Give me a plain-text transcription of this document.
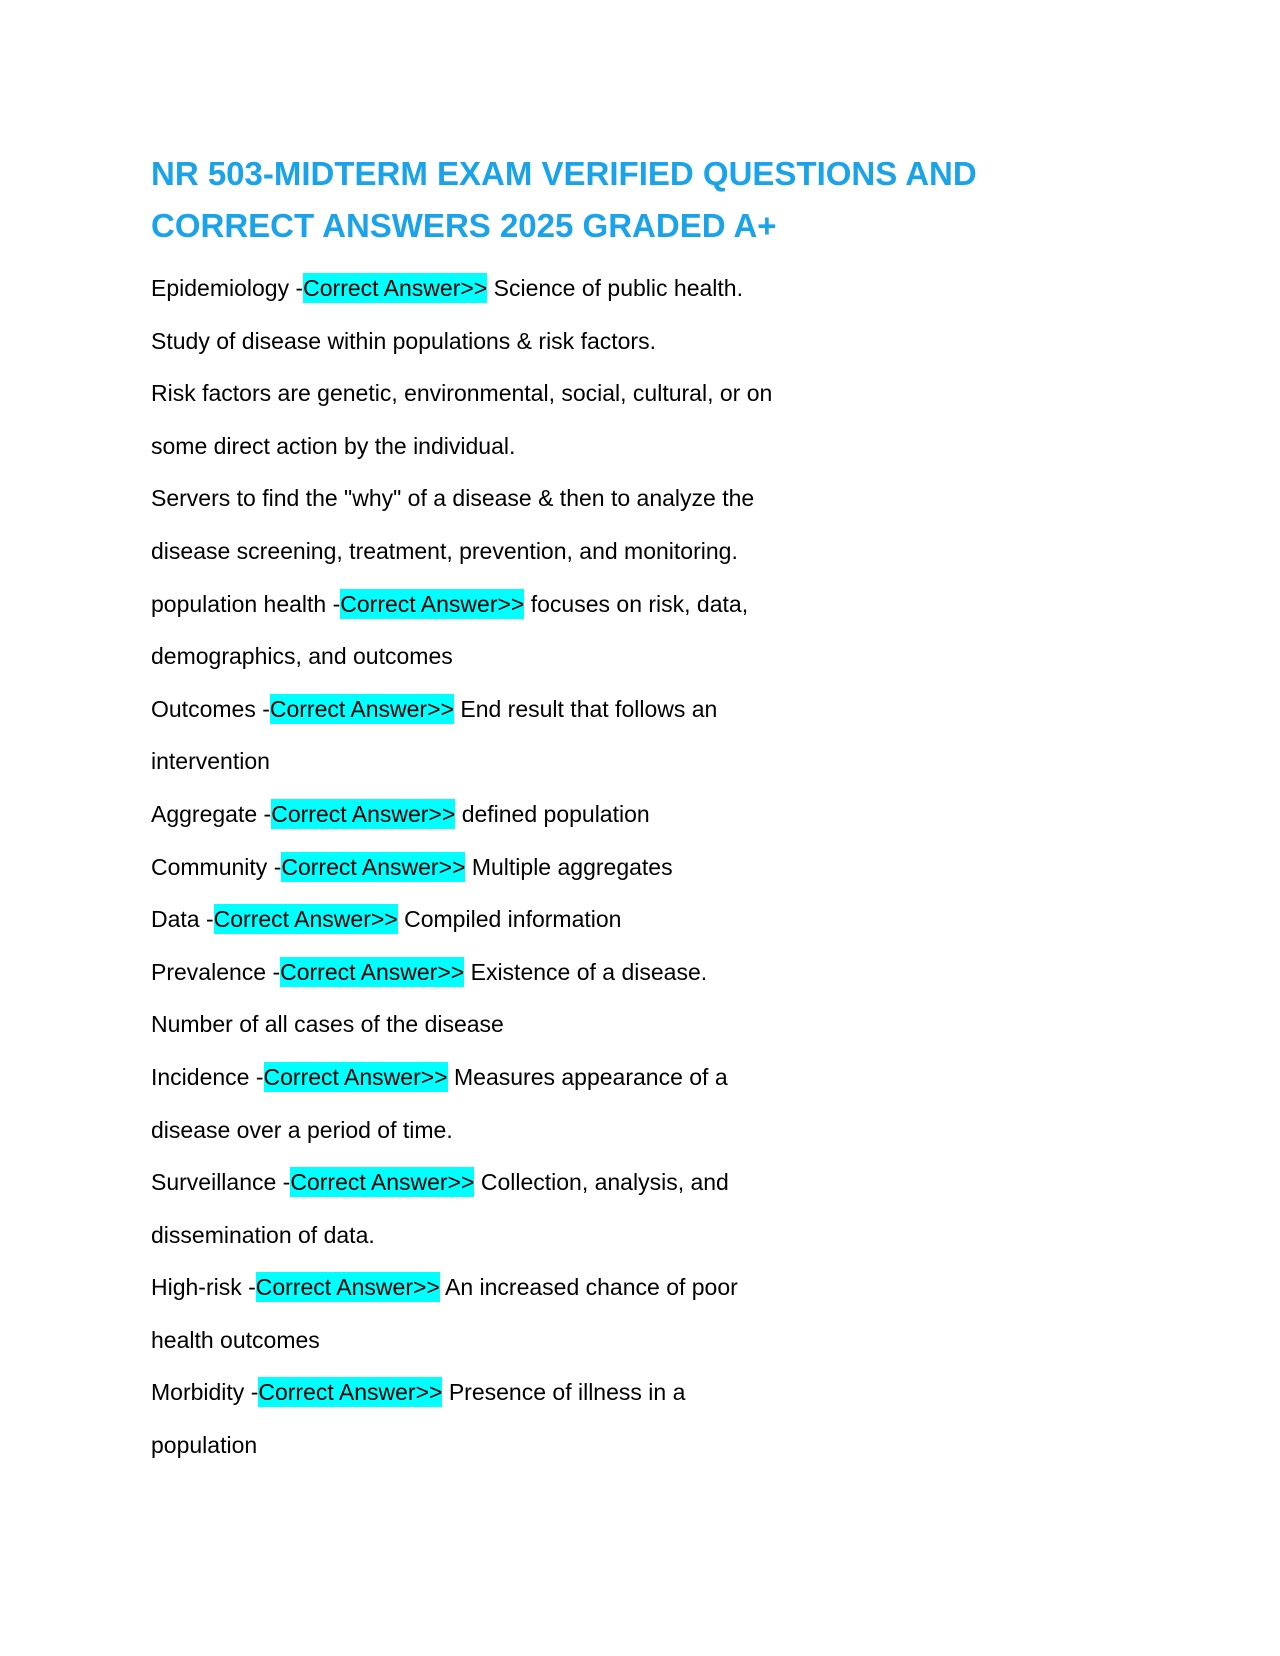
NR 503-MIDTERM EXAM VERIFIED QUESTIONS AND
CORRECT ANSWERS 2025 GRADED A+

Epidemiology -Correct Answer>> Science of public health.

Study of disease within populations & risk factors.

Risk factors are genetic, environmental, social, cultural, or on

some direct action by the individual.

Servers to find the "why" of a disease & then to analyze the

disease screening, treatment, prevention, and monitoring.

population health -Correct Answer>> focuses on risk, data,

demographics, and outcomes

Outcomes -Correct Answer>> End result that follows an

intervention

Aggregate -Correct Answer>> defined population

Community -Correct Answer>> Multiple aggregates

Data -Correct Answer>> Compiled information

Prevalence -Correct Answer>> Existence of a disease.

Number of all cases of the disease

Incidence -Correct Answer>> Measures appearance of a

disease over a period of time.

Surveillance -Correct Answer>> Collection, analysis, and

dissemination of data.

High-risk -Correct Answer>> An increased chance of poor

health outcomes

Morbidity -Correct Answer>> Presence of illness in a

population
